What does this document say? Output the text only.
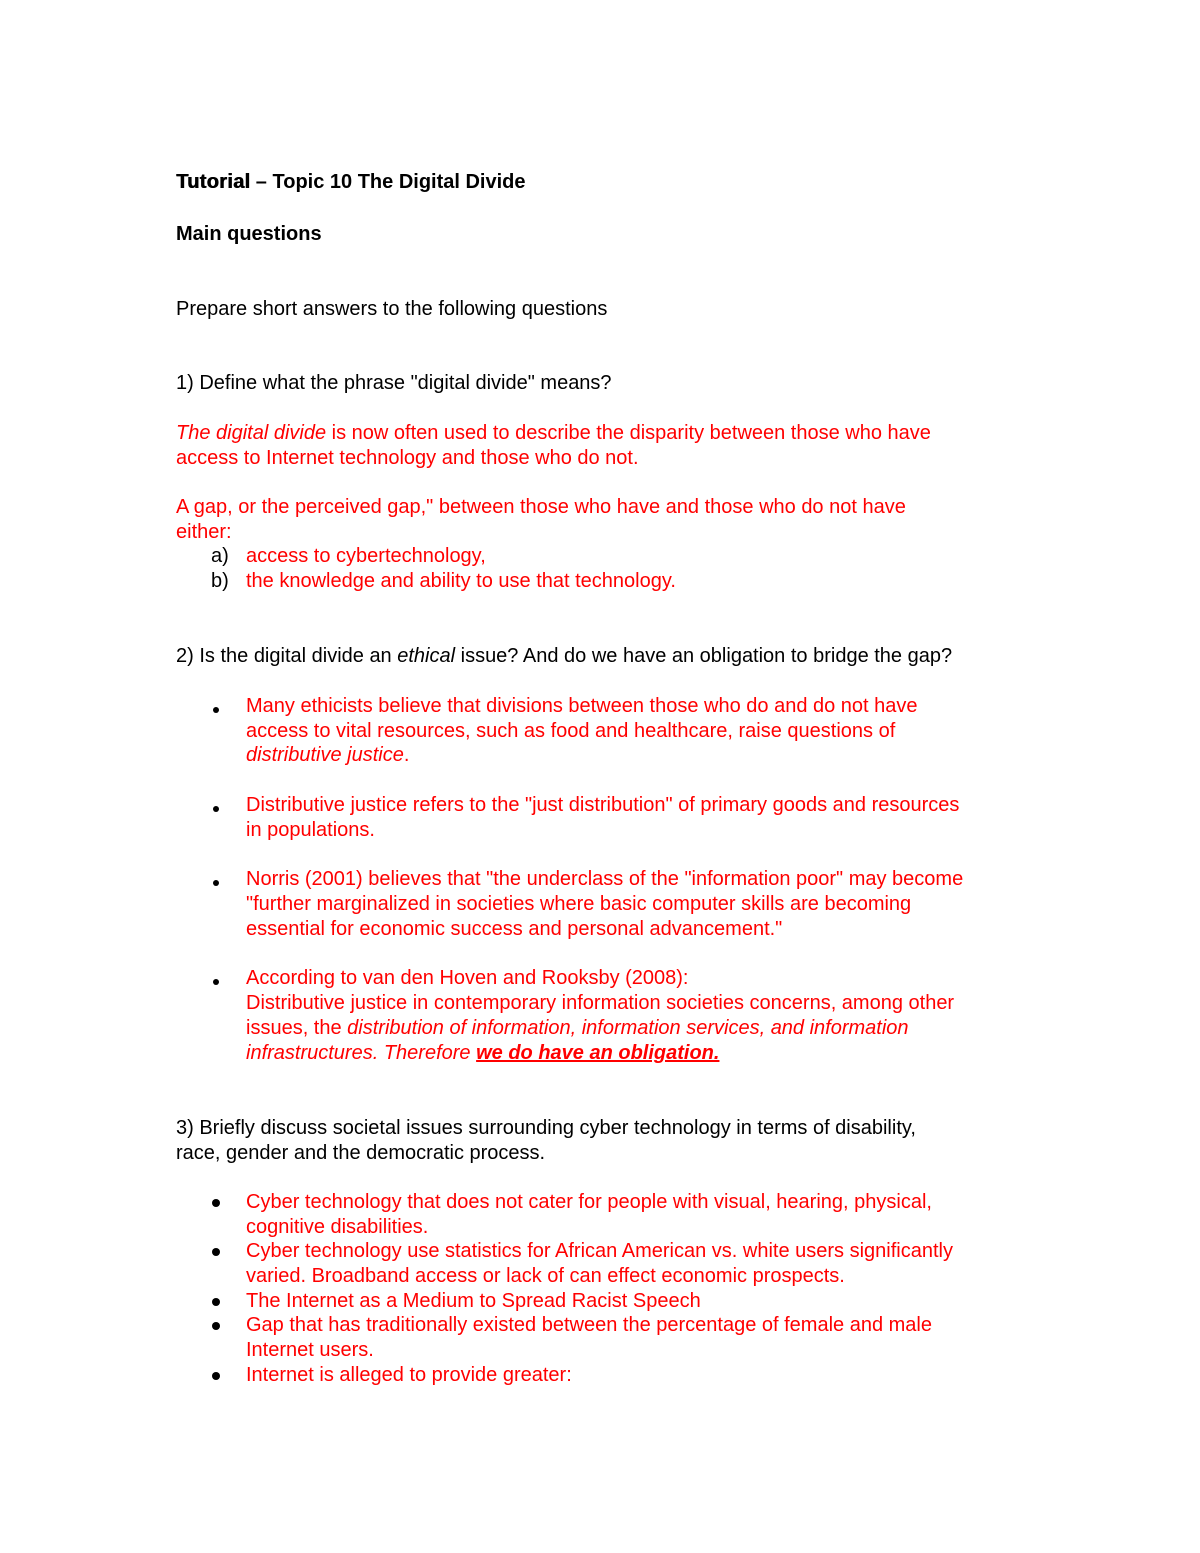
Tutorial – Topic 10 The Digital Divide
Main questions
Prepare short answers to the following questions
1) Define what the phrase "digital divide" means?
The digital divide is now often used to describe the disparity between those who have
access to Internet technology and those who do not.
A gap, or the perceived gap," between those who have and those who do not have
either:
a) access to cybertechnology,
b) the knowledge and ability to use that technology.
2) Is the digital divide an ethical issue? And do we have an obligation to bridge the gap?
Many ethicists believe that divisions between those who do and do not have
access to vital resources, such as food and healthcare, raise questions of
distributive justice.
Distributive justice refers to the "just distribution" of primary goods and resources
in populations.
Norris (2001) believes that "the underclass of the "information poor" may become
"further marginalized in societies where basic computer skills are becoming
essential for economic success and personal advancement."
According to van den Hoven and Rooksby (2008):
Distributive justice in contemporary information societies concerns, among other
issues, the distribution of information, information services, and information
infrastructures. Therefore we do have an obligation.
3) Briefly discuss societal issues surrounding cyber technology in terms of disability,
race, gender and the democratic process.
Cyber technology that does not cater for people with visual, hearing, physical,
cognitive disabilities.
Cyber technology use statistics for African American vs. white users significantly
varied. Broadband access or lack of can effect economic prospects.
The Internet as a Medium to Spread Racist Speech
Gap that has traditionally existed between the percentage of female and male
Internet users.
Internet is alleged to provide greater:
